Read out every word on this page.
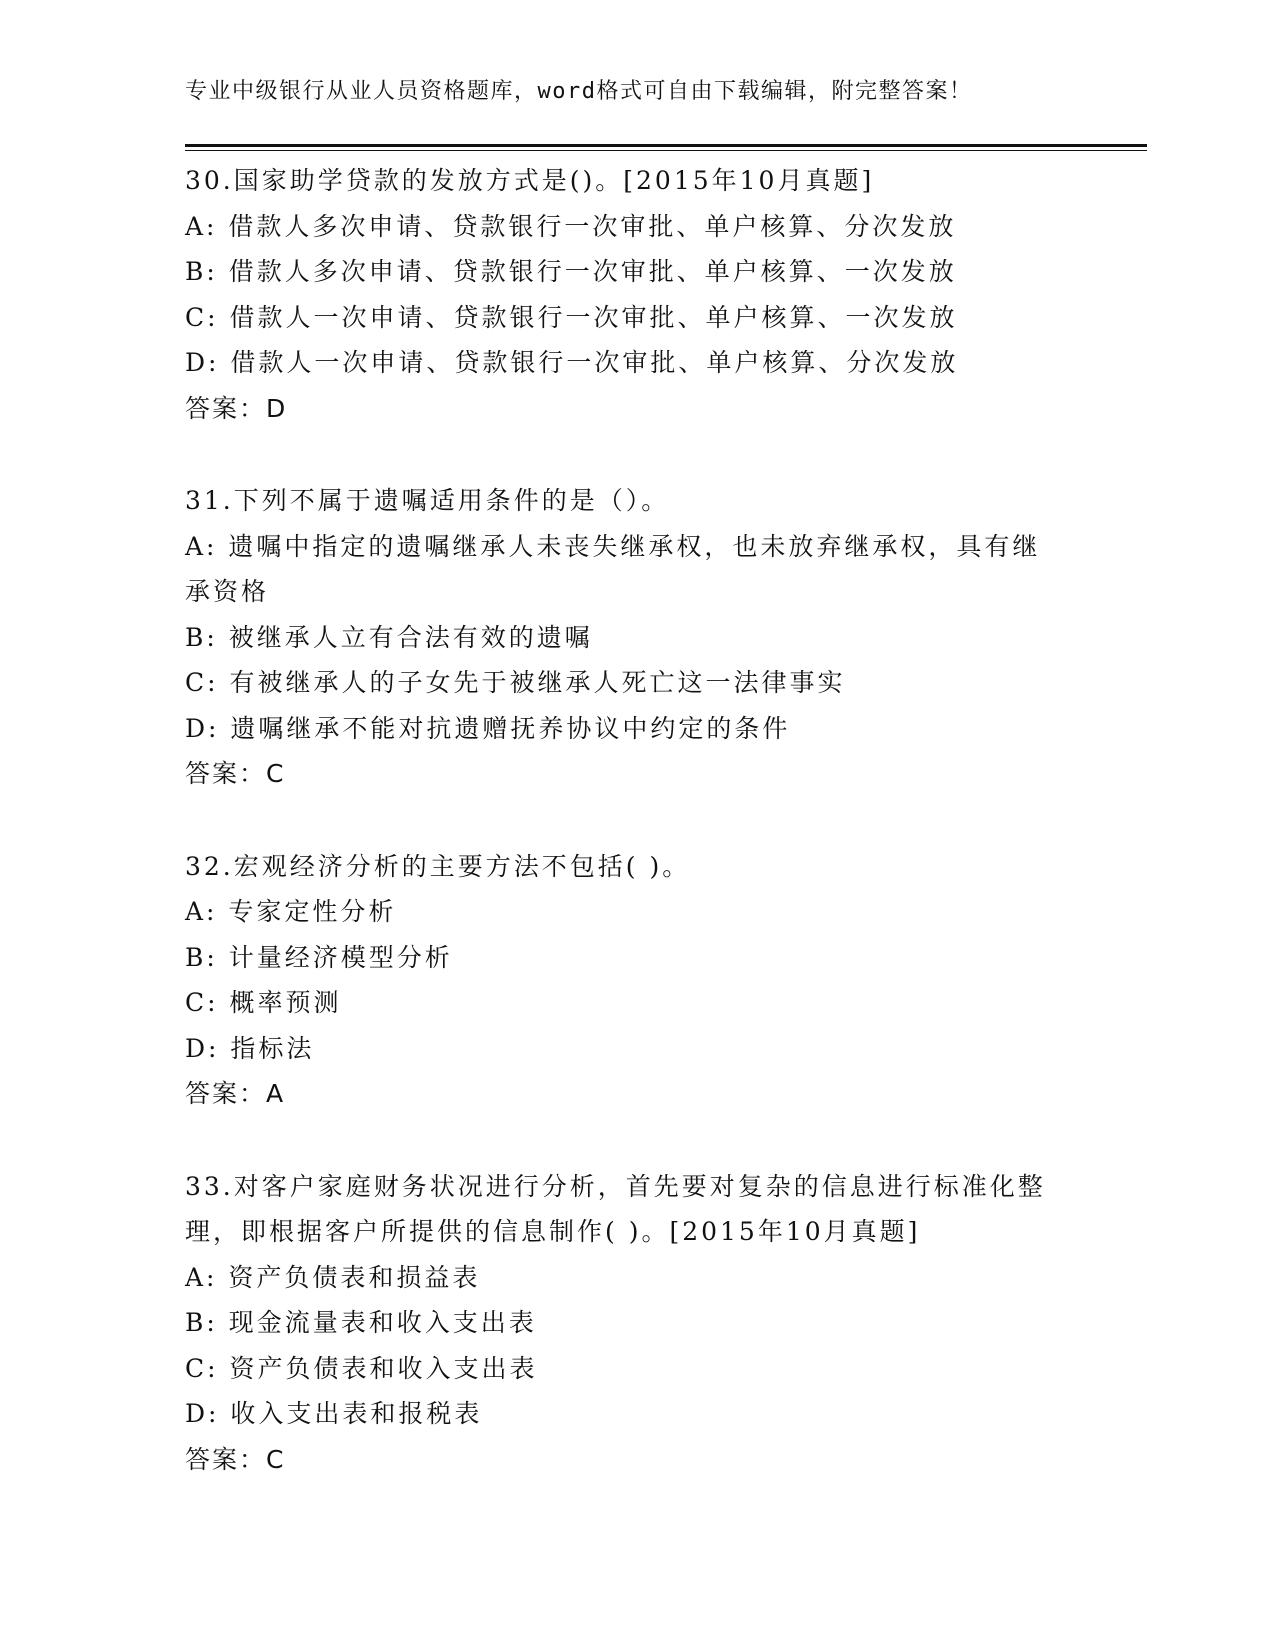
专业中级银行从业人员资格题库，word格式可自由下载编辑，附完整答案！
30.国家助学贷款的发放方式是()。[2015年10月真题]
A: 借款人多次申请、贷款银行一次审批、单户核算、分次发放
B: 借款人多次申请、贷款银行一次审批、单户核算、一次发放
C: 借款人一次申请、贷款银行一次审批、单户核算、一次发放
D: 借款人一次申请、贷款银行一次审批、单户核算、分次发放
答案：D
31.下列不属于遗嘱适用条件的是（）。
A: 遗嘱中指定的遗嘱继承人未丧失继承权，也未放弃继承权，具有继承资格
B: 被继承人立有合法有效的遗嘱
C: 有被继承人的子女先于被继承人死亡这一法律事实
D: 遗嘱继承不能对抗遗赠抚养协议中约定的条件
答案：C
32.宏观经济分析的主要方法不包括( )。
A: 专家定性分析
B: 计量经济模型分析
C: 概率预测
D: 指标法
答案：A
33.对客户家庭财务状况进行分析，首先要对复杂的信息进行标准化整理，即根据客户所提供的信息制作( )。[2015年10月真题]
A: 资产负债表和损益表
B: 现金流量表和收入支出表
C: 资产负债表和收入支出表
D: 收入支出表和报税表
答案：C
